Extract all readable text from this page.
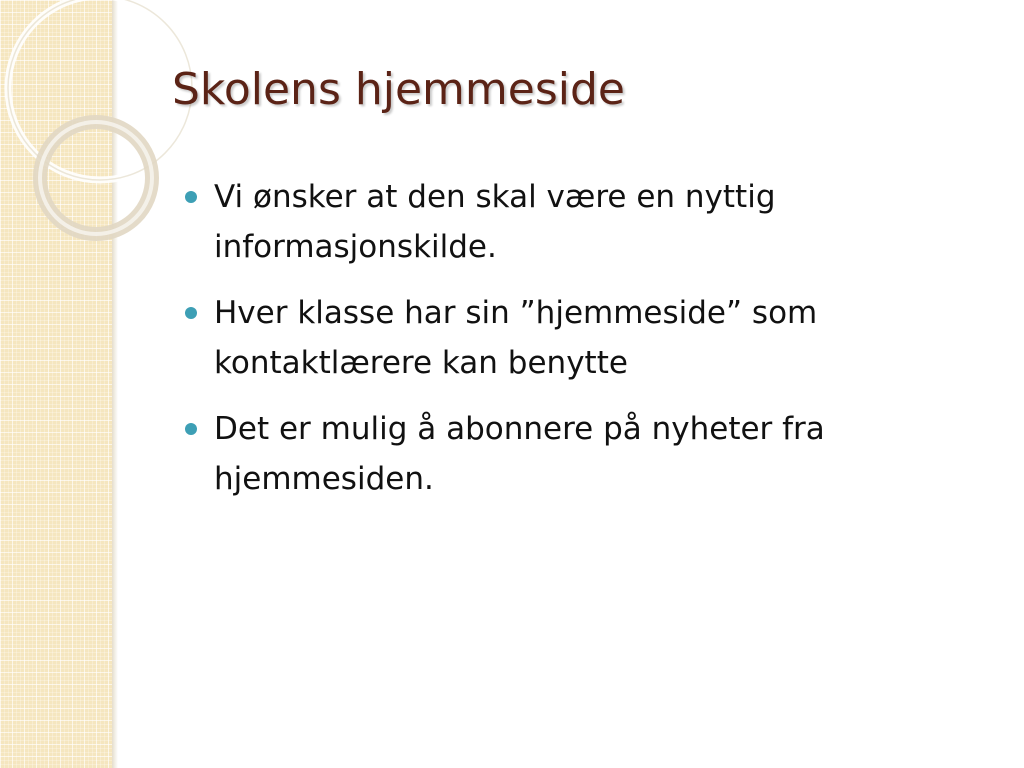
Skolens hjemmeside
Vi ønsker at den skal være en nyttig informasjonskilde.
Hver klasse har sin ”hjemmeside” som kontaktlærere kan benytte
Det er mulig å abonnere på nyheter fra hjemmesiden.
